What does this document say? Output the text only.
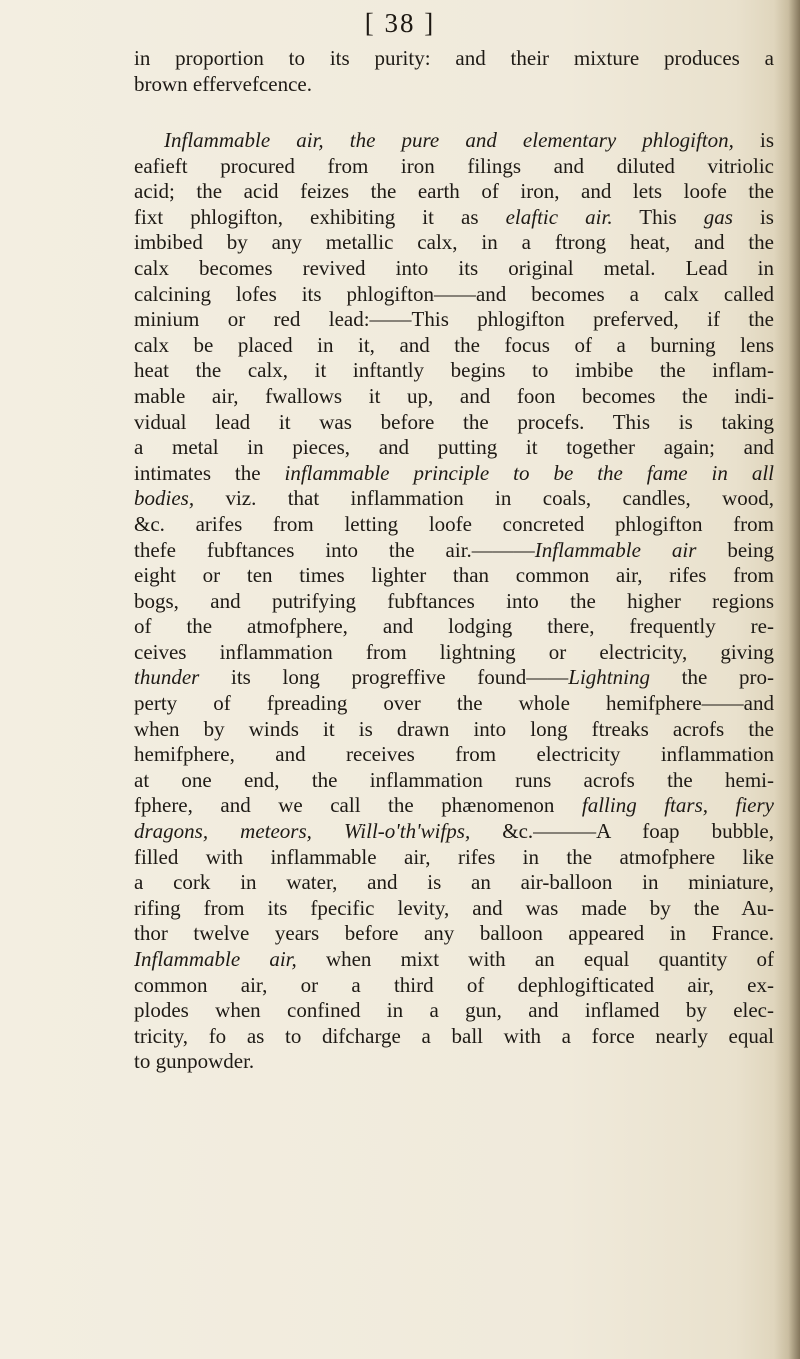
[ 38 ]
in proportion to its purity: and their mixture produces a
brown effervefcence.
Inflammable air, the pure and elementary phlogifton, is
eafieft procured from iron filings and diluted vitriolic
acid; the acid feizes the earth of iron, and lets loofe the
fixt phlogifton, exhibiting it as elaftic air. This gas is
imbibed by any metallic calx, in a ftrong heat, and the
calx becomes revived into its original metal. Lead in
calcining lofes its phlogifton——and becomes a calx called
minium or red lead:——This phlogifton preferved, if the
calx be placed in it, and the focus of a burning lens
heat the calx, it inftantly begins to imbibe the inflam-
mable air, fwallows it up, and foon becomes the indi-
vidual lead it was before the procefs. This is taking
a metal in pieces, and putting it together again; and
intimates the inflammable principle to be the fame in all
bodies, viz. that inflammation in coals, candles, wood,
&c. arifes from letting loofe concreted phlogifton from
thefe fubftances into the air.———Inflammable air being
eight or ten times lighter than common air, rifes from
bogs, and putrifying fubftances into the higher regions
of the atmofphere, and lodging there, frequently re-
ceives inflammation from lightning or electricity, giving
thunder its long progreffive found——Lightning the pro-
perty of fpreading over the whole hemifphere——and
when by winds it is drawn into long ftreaks acrofs the
hemifphere, and receives from electricity inflammation
at one end, the inflammation runs acrofs the hemi-
fphere, and we call the phænomenon falling ftars, fiery
dragons, meteors, Will-o'th'wifps, &c.———A foap bubble,
filled with inflammable air, rifes in the atmofphere like
a cork in water, and is an air-balloon in miniature,
rifing from its fpecific levity, and was made by the Au-
thor twelve years before any balloon appeared in France.
Inflammable air, when mixt with an equal quantity of
common air, or a third of dephlogifticated air, ex-
plodes when confined in a gun, and inflamed by elec-
tricity, fo as to difcharge a ball with a force nearly equal
to gunpowder.
